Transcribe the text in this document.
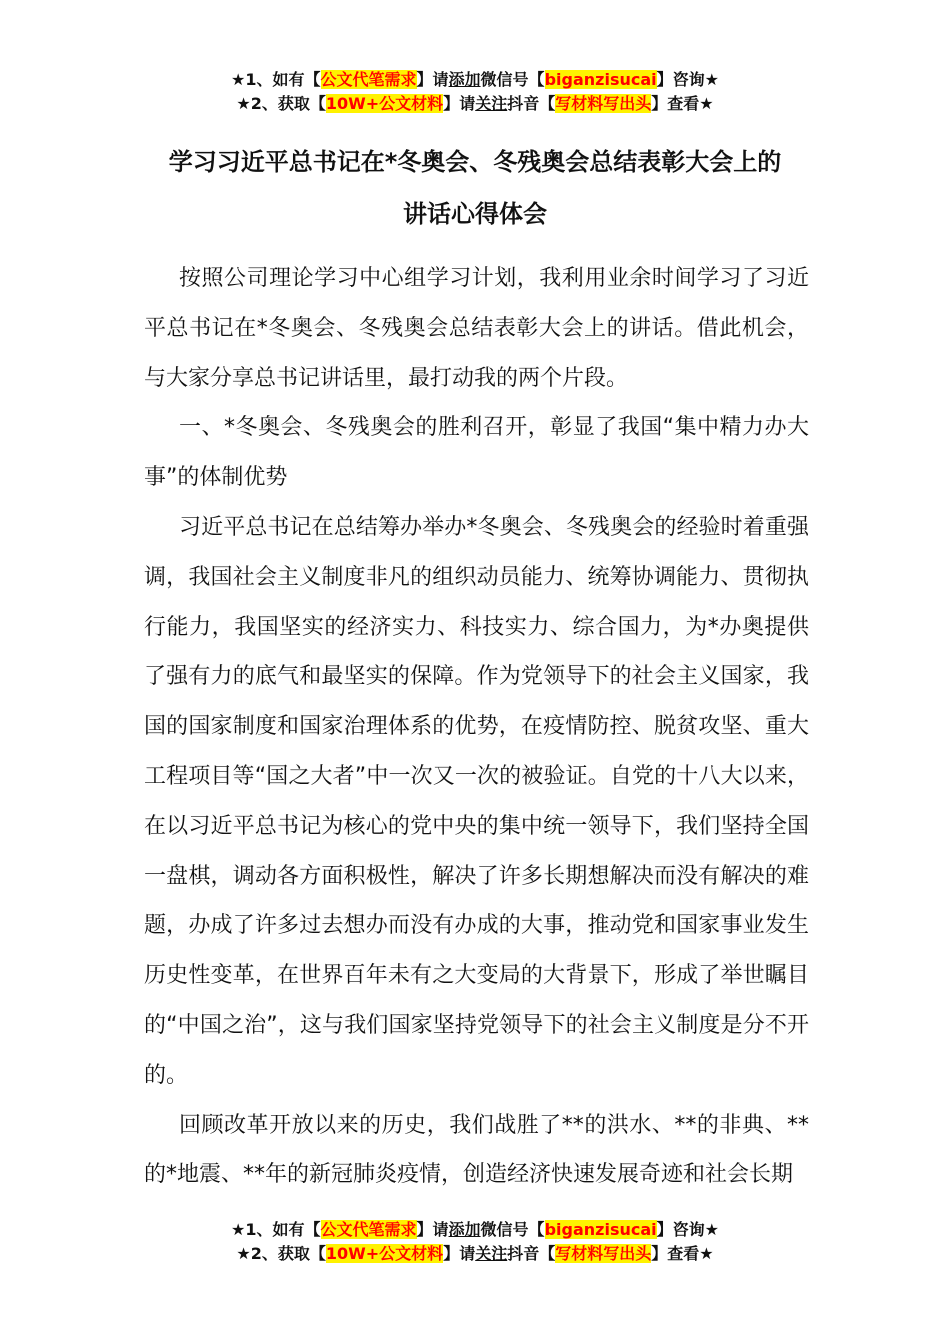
★1、如有【公文代笔需求】请添加微信号【biganzisucai】咨询★
★2、获取【10W+公文材料】请关注抖音【写材料写出头】查看★
学习习近平总书记在*冬奥会、冬残奥会总结表彰大会上的
讲话心得体会

按照公司理论学习中心组学习计划，我利用业余时间学习了习近平总书记在*冬奥会、冬残奥会总结表彰大会上的讲话。借此机会，与大家分享总书记讲话里，最打动我的两个片段。

一、*冬奥会、冬残奥会的胜利召开，彰显了我国“集中精力办大事”的体制优势

习近平总书记在总结筹办举办*冬奥会、冬残奥会的经验时着重强调，我国社会主义制度非凡的组织动员能力、统筹协调能力、贯彻执行能力，我国坚实的经济实力、科技实力、综合国力，为*办奥提供了强有力的底气和最坚实的保障。作为党领导下的社会主义国家，我国的国家制度和国家治理体系的优势，在疫情防控、脱贫攻坚、重大工程项目等“国之大者”中一次又一次的被验证。自党的十八大以来，在以习近平总书记为核心的党中央的集中统一领导下，我们坚持全国一盘棋，调动各方面积极性，解决了许多长期想解决而没有解决的难题，办成了许多过去想办而没有办成的大事，推动党和国家事业发生历史性变革，在世界百年未有之大变局的大背景下，形成了举世瞩目的“中国之治”，这与我们国家坚持党领导下的社会主义制度是分不开的。

回顾改革开放以来的历史，我们战胜了**的洪水、**的非典、**的*地震、**年的新冠肺炎疫情，创造经济快速发展奇迹和社会长期

★1、如有【公文代笔需求】请添加微信号【biganzisucai】咨询★
★2、获取【10W+公文材料】请关注抖音【写材料写出头】查看★
